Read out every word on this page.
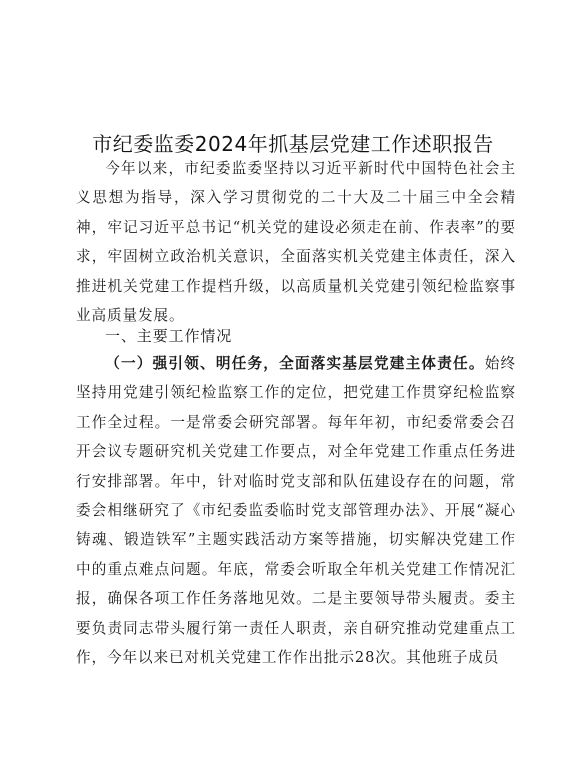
市纪委监委2024年抓基层党建工作述职报告

今年以来，市纪委监委坚持以习近平新时代中国特色社会主义思想为指导，深入学习贯彻党的二十大及二十届三中全会精神，牢记习近平总书记“机关党的建设必须走在前、作表率”的要求，牢固树立政治机关意识，全面落实机关党建主体责任，深入推进机关党建工作提档升级，以高质量机关党建引领纪检监察事业高质量发展。

一、主要工作情况

（一）强引领、明任务，全面落实基层党建主体责任。始终坚持用党建引领纪检监察工作的定位，把党建工作贯穿纪检监察工作全过程。一是常委会研究部署。每年年初，市纪委常委会召开会议专题研究机关党建工作要点，对全年党建工作重点任务进行安排部署。年中，针对临时党支部和队伍建设存在的问题，常委会相继研究了《市纪委监委临时党支部管理办法》、开展“凝心铸魂、锻造铁军”主题实践活动方案等措施，切实解决党建工作中的重点难点问题。年底，常委会听取全年机关党建工作情况汇报，确保各项工作任务落地见效。二是主要领导带头履责。委主要负责同志带头履行第一责任人职责，亲自研究推动党建重点工作，今年以来已对机关党建工作作出批示28次。其他班子成员
